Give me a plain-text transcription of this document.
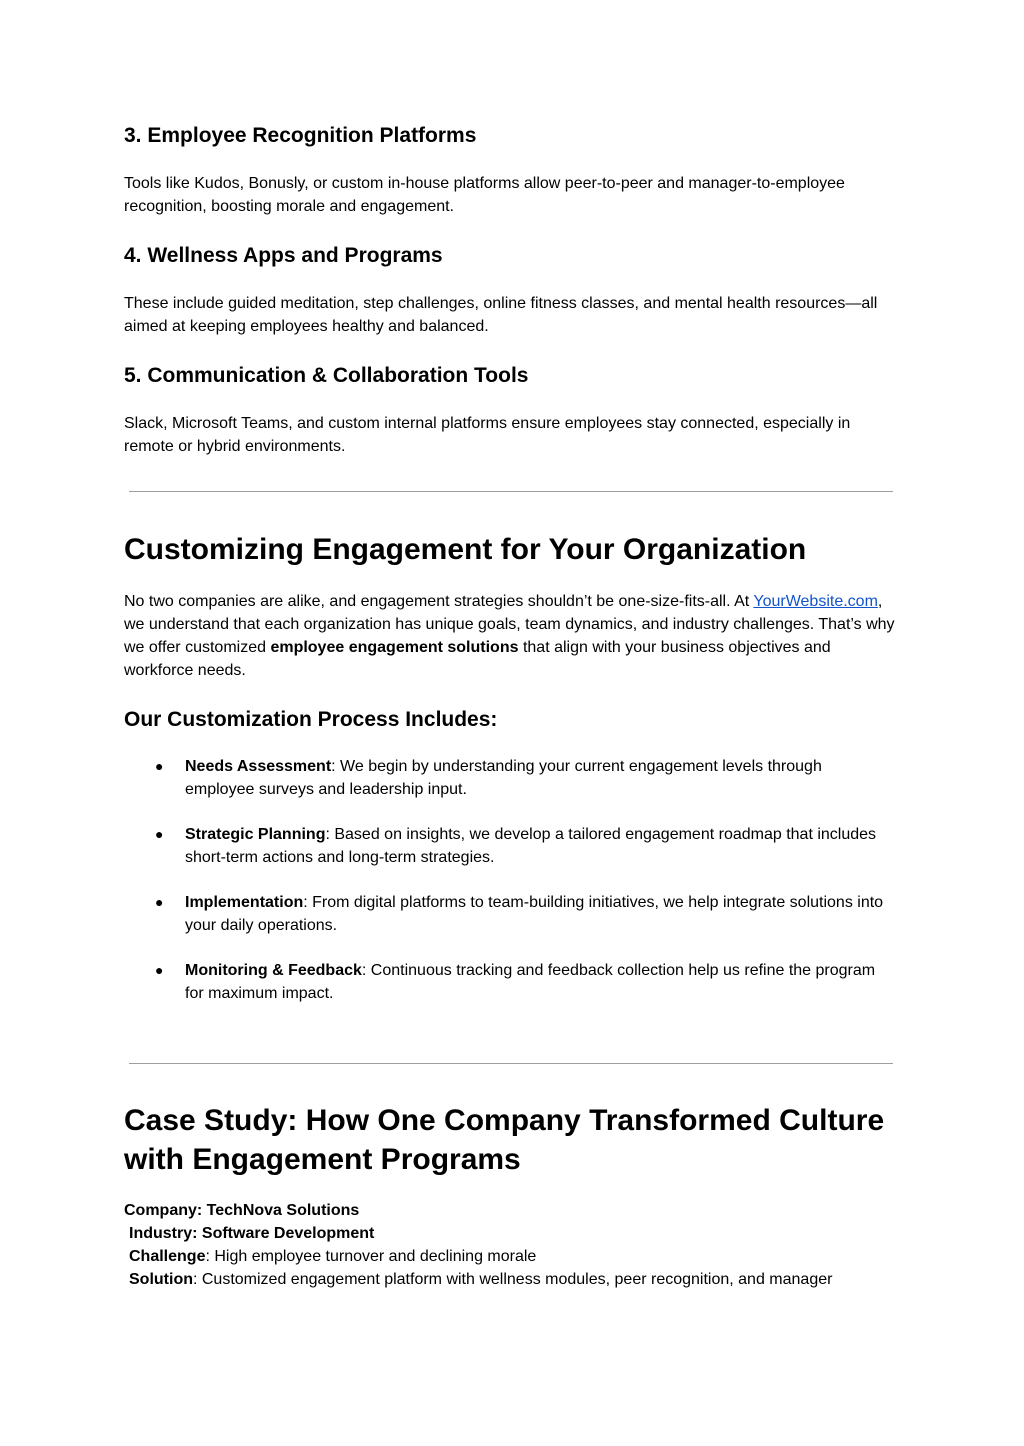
3. Employee Recognition Platforms

Tools like Kudos, Bonusly, or custom in-house platforms allow peer-to-peer and manager-to-employee recognition, boosting morale and engagement.

4. Wellness Apps and Programs

These include guided meditation, step challenges, online fitness classes, and mental health resources—all aimed at keeping employees healthy and balanced.

5. Communication & Collaboration Tools

Slack, Microsoft Teams, and custom internal platforms ensure employees stay connected, especially in remote or hybrid environments.

Customizing Engagement for Your Organization

No two companies are alike, and engagement strategies shouldn’t be one-size-fits-all. At YourWebsite.com, we understand that each organization has unique goals, team dynamics, and industry challenges. That’s why we offer customized employee engagement solutions that align with your business objectives and workforce needs.

Our Customization Process Includes:
● Needs Assessment: We begin by understanding your current engagement levels through employee surveys and leadership input.
● Strategic Planning: Based on insights, we develop a tailored engagement roadmap that includes short-term actions and long-term strategies.
● Implementation: From digital platforms to team-building initiatives, we help integrate solutions into your daily operations.
● Monitoring & Feedback: Continuous tracking and feedback collection help us refine the program for maximum impact.
Case Study: How One Company Transformed Culture with Engagement Programs
Company: TechNova Solutions
Industry: Software Development
Challenge: High employee turnover and declining morale
Solution: Customized engagement platform with wellness modules, peer recognition, and manager
